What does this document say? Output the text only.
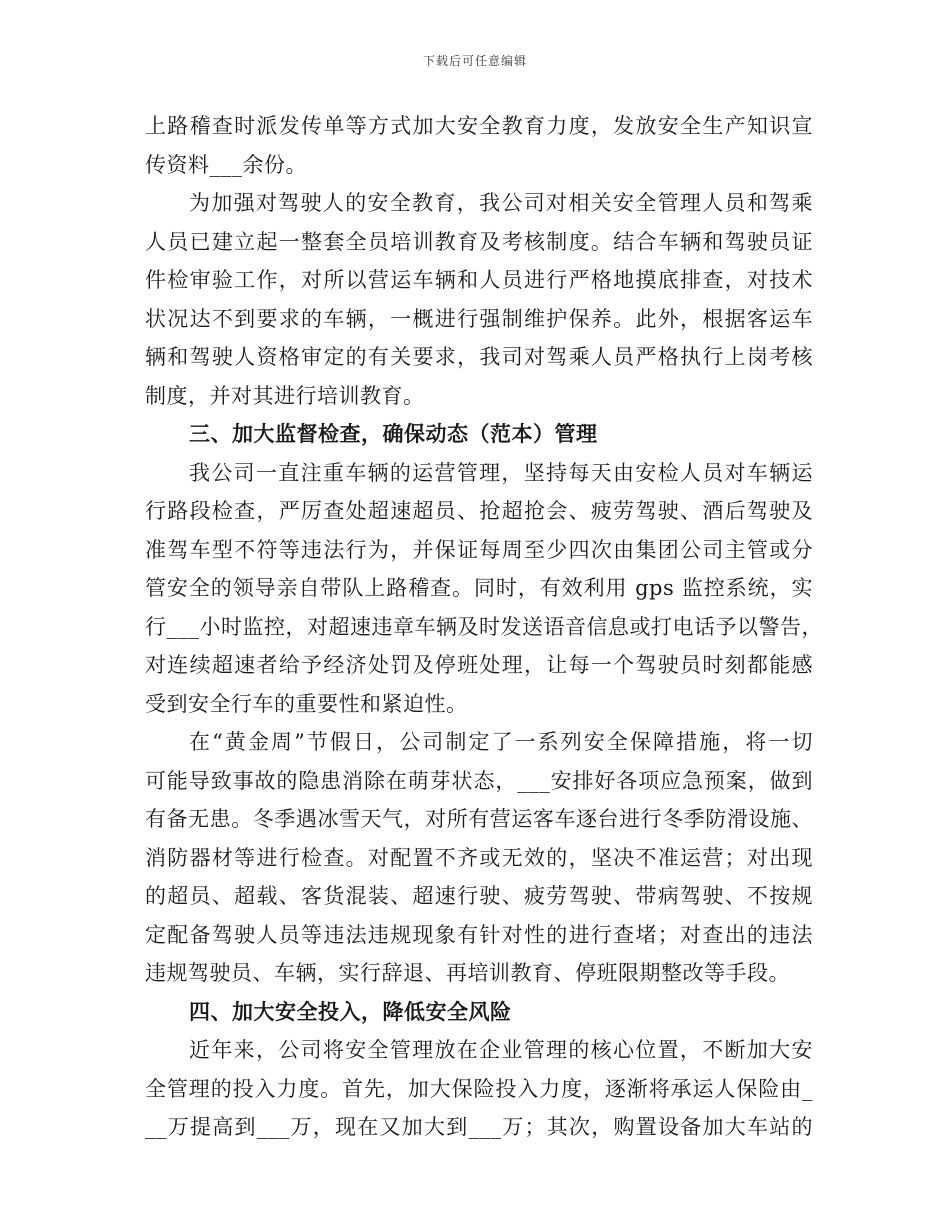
下载后可任意编辑
上路稽查时派发传单等方式加大安全教育力度，发放安全生产知识宣
传资料___余份。
为加强对驾驶人的安全教育，我公司对相关安全管理人员和驾乘
人员已建立起一整套全员培训教育及考核制度。结合车辆和驾驶员证
件检审验工作，对所以营运车辆和人员进行严格地摸底排查，对技术
状况达不到要求的车辆，一概进行强制维护保养。此外，根据客运车
辆和驾驶人资格审定的有关要求，我司对驾乘人员严格执行上岗考核
制度，并对其进行培训教育。
三、加大监督检查，确保动态（范本）管理
我公司一直注重车辆的运营管理，坚持每天由安检人员对车辆运
行路段检查，严厉查处超速超员、抢超抢会、疲劳驾驶、酒后驾驶及
准驾车型不符等违法行为，并保证每周至少四次由集团公司主管或分
管安全的领导亲自带队上路稽查。同时，有效利用 gps 监控系统，实
行___小时监控，对超速违章车辆及时发送语音信息或打电话予以警告，
对连续超速者给予经济处罚及停班处理，让每一个驾驶员时刻都能感
受到安全行车的重要性和紧迫性。
在“黄金周”节假日，公司制定了一系列安全保障措施，将一切
可能导致事故的隐患消除在萌芽状态，___安排好各项应急预案，做到
有备无患。冬季遇冰雪天气，对所有营运客车逐台进行冬季防滑设施、
消防器材等进行检查。对配置不齐或无效的，坚决不准运营；对出现
的超员、超载、客货混装、超速行驶、疲劳驾驶、带病驾驶、不按规
定配备驾驶人员等违法违规现象有针对性的进行查堵；对查出的违法
违规驾驶员、车辆，实行辞退、再培训教育、停班限期整改等手段。
四、加大安全投入，降低安全风险
近年来，公司将安全管理放在企业管理的核心位置，不断加大安
全管理的投入力度。首先，加大保险投入力度，逐渐将承运人保险由_
__万提高到___万，现在又加大到___万；其次，购置设备加大车站的
